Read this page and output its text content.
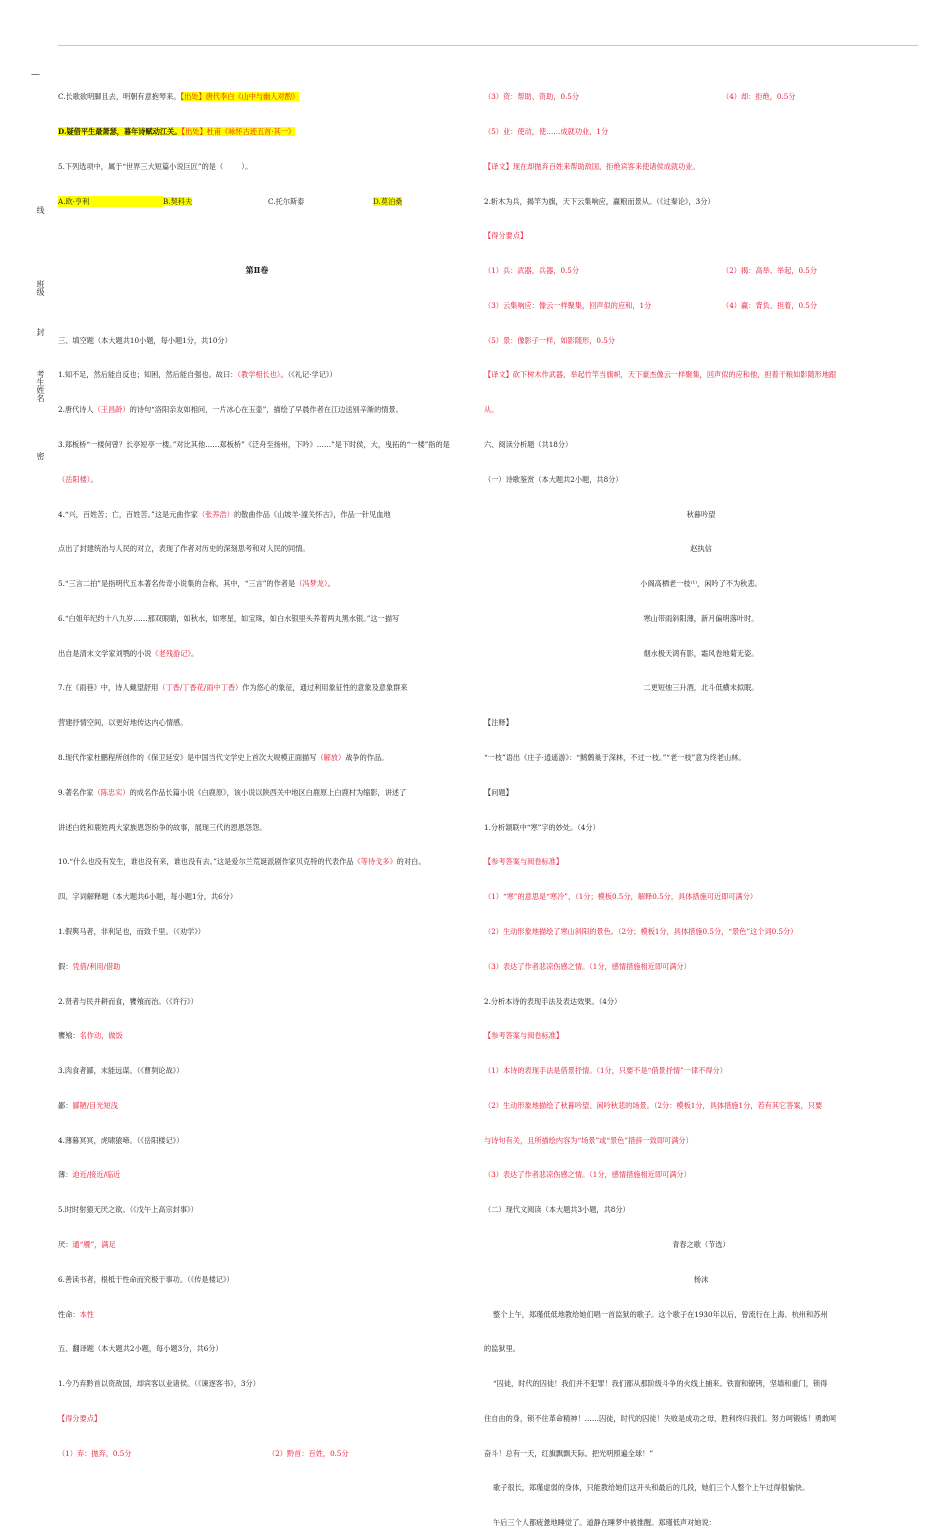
—
线
班级
封
考生姓名
密

C.长歌欲明脚且去，明朝有意抱琴来。【出处】唐代李白《山中与幽人对酌》

D.疑借平生最萧瑟，暮年诗赋动江关。【出处】杜甫《咏怀古迹五首·其一》

5.下列选项中，属于“世界三大短篇小说巨匠”的是（        ）。

A.欧·亨利	B.契科夫	C.托尔斯泰	D.莫泊桑

第Ⅱ卷

三、填空题（本大题共10小题，每小题1分，共10分）

1.知不足，然后能自反也；知困，然后能自强也。故曰：（教学相长也）。（《礼记·学记》）

2.唐代诗人（王昌龄）的诗句“洛阳亲友如相问，一片冰心在玉壶”，描绘了早晨作者在江边送别辛渐的情景。

3.郑板桥“一楼何曾？长亭短亭一楼。”对比其他……郑板桥”《泛舟至扬州，下吟》……”是下时侯，大，曳拓的“一楼”指的是

（岳阳楼）。

4.“兴，百姓苦；亡，百姓苦。”这是元曲作家（张养浩）的散曲作品《山坡羊·潼关怀古》，作品一针见血地

点出了封建统治与人民的对立，表现了作者对历史的深刻思考和对人民的同情。

5.“三言二拍”是指明代五本著名传奇小说集的合称，其中，“三言”的作者是（冯梦龙）。

6.“白姐年纪约十八九岁……那双眼睛，如秋水，如寒星，如宝珠，如白水银里头养着两丸黑水银。”这一描写

出自是清末文学家刘鹗的小说《老残游记》。

7.在《雨巷》中，诗人戴望舒用（丁香/丁香花/雨中丁香）作为悠心的象征，通过利用象征性的意象及意象群来

营建抒情空间，以更好地传达内心情感。

8.现代作家杜鹏程所创作的《保卫延安》是中国当代文学史上首次大规模正面描写（解放）战争的作品。

9.著名作家（陈忠实）的成名作品长篇小说《白鹿原》，该小说以陕西关中地区白鹿原上白鹿村为缩影，讲述了

讲述白姓和鹿姓两大家族恩怨纷争的故事，展现三代的恩恩怨怨。

10.“什么也没有发生，谁也没有来，谁也没有去。”这是爱尔兰荒诞派剧作家贝克特的代表作品《等待戈多》的对白。

四、字词解释题（本大题共6小题，每小题1分，共6分）

1.假舆马者，非利足也，而致千里。（《劝学》）

假：凭借/利用/借助

2.贤者与民并耕而食，饔飧而治。（《许行》）

饔飧：名作动，做饭

3.肉食者鄙，未能远谋。（《曹刿论战》）

鄙：鄙陋/目光短浅

4.薄暮冥冥，虎啸猿啼。（《岳阳楼记》）

薄：迫近/接近/临近

5.时时射猿无厌之欲。（《戊午上高宗封事》）

厌：通“餍”，满足

6.善读书者，根柢于性命而究极于事功。（《传是楼记》）

性命：本性

五、翻译题（本大题共2小题，每小题3分，共6分）

1.今乃弃黔首以资敌国，却宾客以业诸侯。（《谏逐客书》，3分）

【得分要点】

（1）弃：抛弃，0.5分	（2）黔首：百姓，0.5分

（3）资：帮助、资助，0.5分	（4）却：拒绝，0.5分

（5）业：使动，使……成就功业，1分

【译文】现在却抛弃百姓来帮助敌国，拒绝宾客来使诸侯成就功业。

2.斩木为兵，揭竿为旗，天下云集响应，赢粮而景从。（《过秦论》，3分）

【得分要点】

（1）兵：武器，兵器，0.5分	（2）揭：高举、举起，0.5分

（3）云集响应：像云一样聚集，回声似的应和，1分	（4）赢：背负、担着，0.5分

（5）景：像影子一样，如影随形，0.5分

【译文】砍下树木作武器，举起竹竿当旗帜，天下豪杰像云一样聚集，回声似的应和他，担着干粮如影随形地跟

从。

六、阅读分析题（共18分）

（一）诗歌鉴赏（本大题共2小题，共8分）

秋暮吟望

赵执信

小阁高栖老一枝⁽¹⁾，闲吟了不为秋悲。

寒山带雨斜阳薄，新月偏明落叶时。

烟水极天鸿有影，霜风卷地菊无姿。

二更短烛三升酒，北斗低横未拟眠。

【注释】

“一枝”语出《庄子·逍遥游》：“鹪鹩巢于深林，不过一枝。”“老一枝”意为终老山林。

【问题】

1.分析颔联中“寒”字的妙处。（4分）

【参考答案与阅卷标准】

（1）“寒”的意思是“寒冷”，（1分；模板0.5分，解释0.5分，具体措施可近即可满分）

（2）生动形象地描绘了寒山斜阳的景色。（2分；模板1分，具体措施0.5分，“景色”这个词0.5分）

（3）表达了作者悲凉伤感之情。（1分，感情措施相近即可满分）

2.分析本诗的表现手法及表达效果。（4分）

【参考答案与阅卷标准】

（1）本诗的表现手法是借景抒情。（1分，只要不是“借景抒情”一律不得分）

（2）生动形象地描绘了秋暮吟望、闲吟秋悲的场景。（2分：模板1分，具体措施1分，若有其它答案，只要

与诗句有关，且所描绘内容为“场景”或“景色”措辞一致即可满分）

（3）表达了作者悲凉伤感之情。（1分，感情措施相近即可满分）

（二）现代文阅读（本大题共3小题，共8分）

青春之歌（节选）

杨沫

整个上午，郑瑾低低地教给她们唱一首监狱的歌子。这个歌子在1930年以后，曾流行在上海、杭州和苏州

的监狱里。

“囚徒，时代的囚徒！我们并不犯罪！我们都从那阶级斗争的火线上捕来。铁窗和镣铐，坚墙和重门，锁得

住自由的身，锁不住革命精神！……囚徒，时代的囚徒！失败是成功之母，胜利终归我们。努力呵锻炼！勇敢呵

奋斗！总有一天，红旗飘飘天际。把光明照遍全球！”

歌子很长，郑瑾虚弱的身体，只能教给她们这开头和最后的几段，她们三个人整个上午过得很愉快。

午后三个人都疲惫地睡觉了。道静在睡梦中被推醒。郑瑾低声对她说：
